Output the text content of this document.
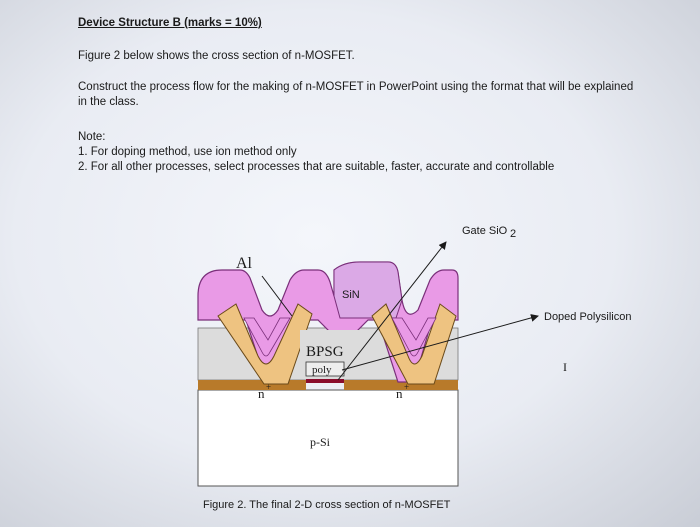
Device Structure B (marks = 10%)
Figure 2 below shows the cross section of n-MOSFET.
Construct the process flow for the making of n-MOSFET in PowerPoint using the format that will be explained in the class.
Note:
1. For doping method, use ion method only
2. For all other processes, select processes that are suitable, faster, accurate and controllable
Al
SiN
BPSG
poly
n +	n +
p-Si
Gate SiO 2
Doped Polysilicon
I
Figure 2. The final 2-D cross section of n-MOSFET
